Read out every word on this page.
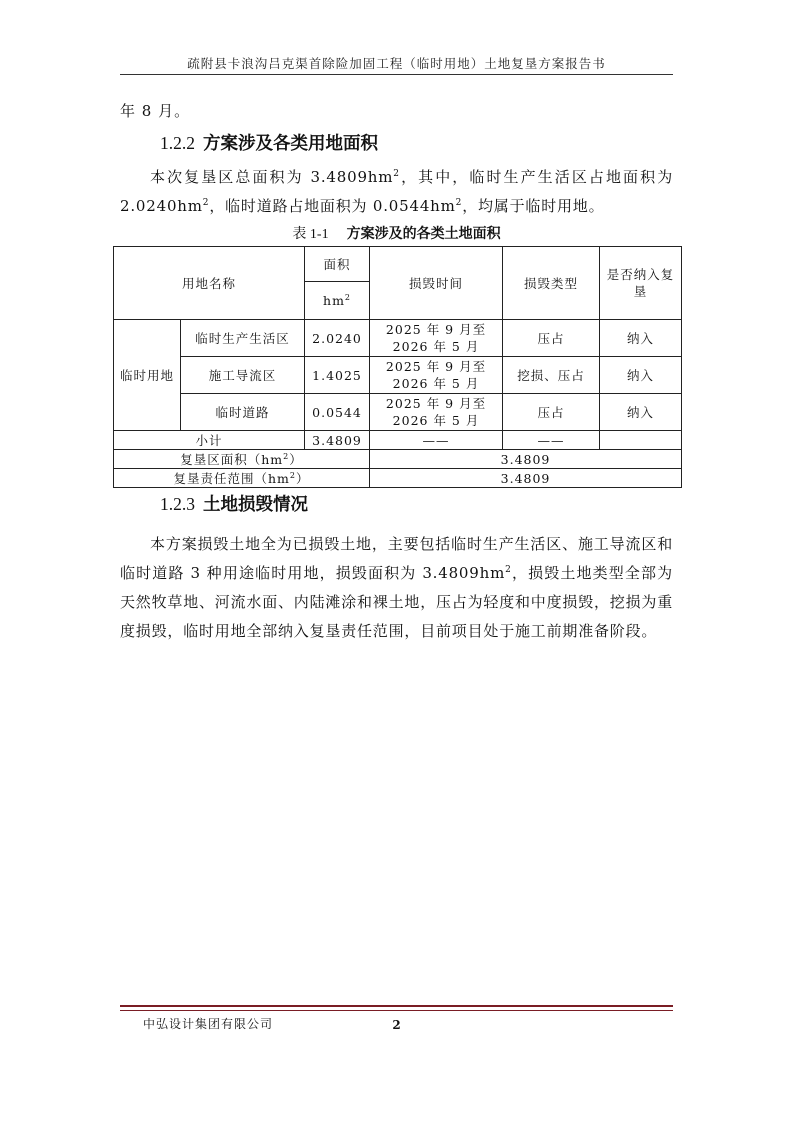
疏附县卡浪沟吕克渠首除险加固工程（临时用地）土地复垦方案报告书
年 8 月。
1.2.2 方案涉及各类用地面积
本次复垦区总面积为 $3.4809hm^2$，其中，临时生产生活区占地面积为 $2.0240hm^2$，临时道路占地面积为 $0.0544hm^2$，均属于临时用地。
表 1-1 方案涉及的各类土地面积
用地名称		面积	损毁时间	损毁类型	是否纳入复垦
		$hm^2$
临时用地	临时生产生活区	2.0240	2025 年 9 月至 2026 年 5 月	压占	纳入
	施工导流区	1.4025	2025 年 9 月至 2026 年 5 月	挖损、压占	纳入
	临时道路	0.0544	2025 年 9 月至 2026 年 5 月	压占	纳入
小计		3.4809	——	——	
复垦区面积$(hm^2)$			3.4809		
复垦责任范围$(hm^2)$			3.4809		
1.2.3 土地损毁情况
本方案损毁土地全为已损毁土地，主要包括临时生产生活区、施工导流区和临时道路 3 种用途临时用地，损毁面积为 $3.4809hm^2$，损毁土地类型全部为天然牧草地、河流水面、内陆滩涂和裸土地，压占为轻度和中度损毁，挖损为重度损毁，临时用地全部纳入复垦责任范围，目前项目处于施工前期准备阶段。
中弘设计集团有限公司	2
